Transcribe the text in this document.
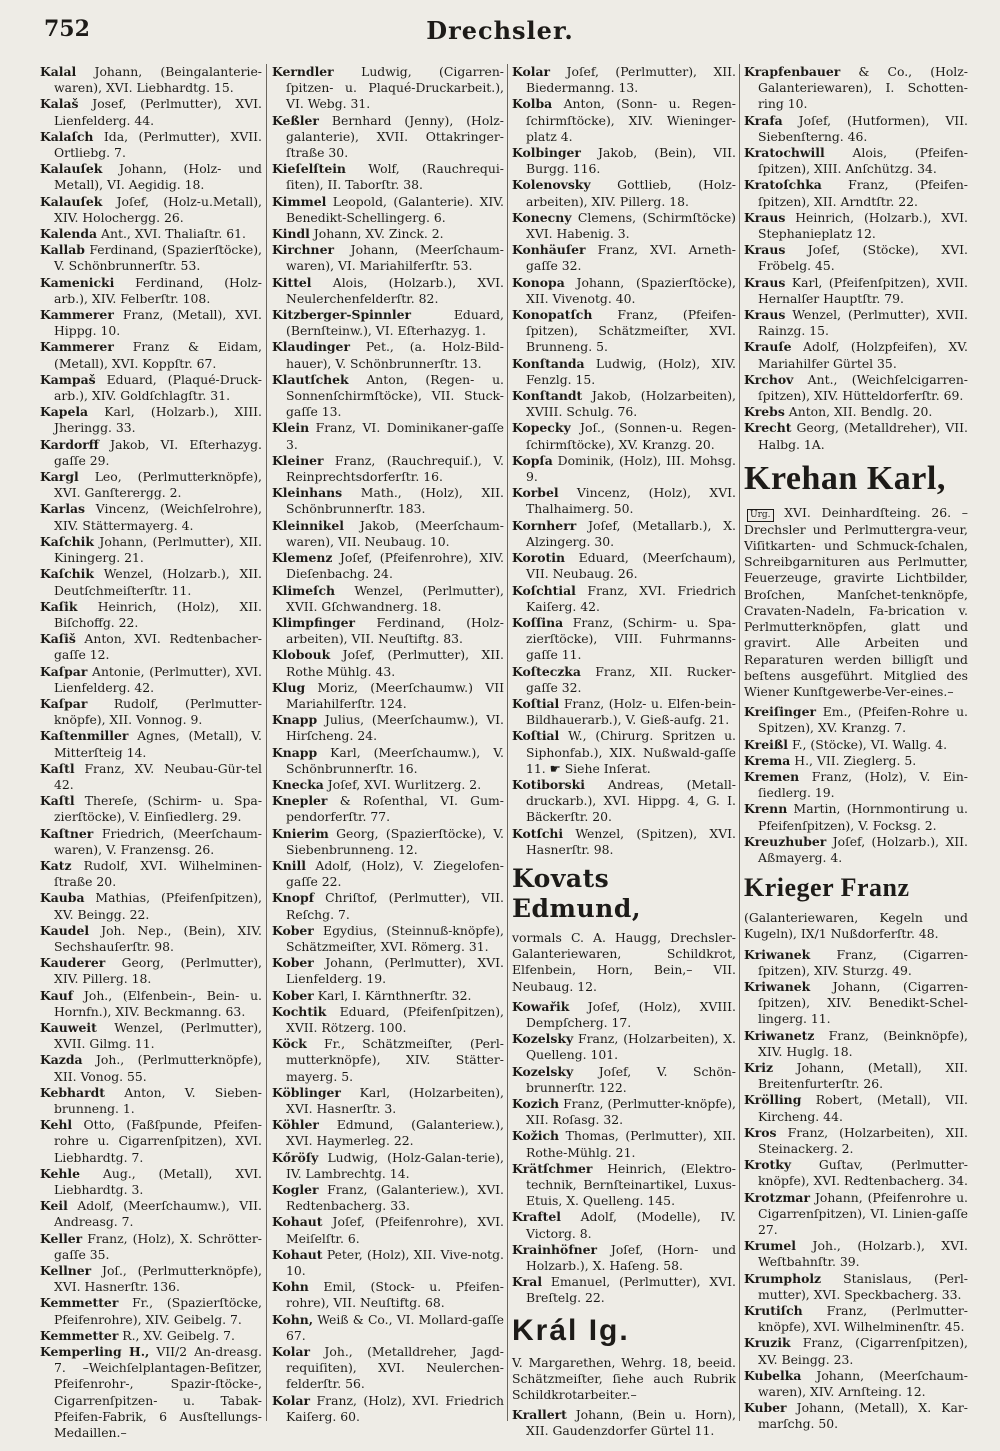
752	Drechsler.

Kalal Johann, (Beingalanterie-waren), XVI. Liebhardtg. 15.

Kalaš Josef, (Perlmutter), XVI. Lienfelderg. 44.

Kalaſch Ida, (Perlmutter), XVII. Ortliebg. 7.

Kalauſek Johann, (Holz- und Metall), VI. Aegidig. 18.

Kalauſek Joſef, (Holz-u.Metall), XIV. Holochergg. 26.

Kalenda Ant., XVI. Thaliaſtr. 61.

Kallab Ferdinand, (Spazierſtöcke), V. Schönbrunnerſtr. 53.

Kamenicki Ferdinand, (Holz-arb.), XIV. Felberſtr. 108.

Kammerer Franz, (Metall), XVI. Hippg. 10.

Kammerer Franz & Eidam, (Metall), XVI. Koppſtr. 67.

Kampaš Eduard, (Plaqué-Druck-arb.), XIV. Goldſchlagſtr. 31.

Kapela Karl, (Holzarb.), XIII. Jheringg. 33.

Kardorff Jakob, VI. Eſterhazyg. gaſſe 29.

Kargl Leo, (Perlmutterknöpfe), XVI. Ganſterergg. 2.

Karlas Vincenz, (Weichſelrohre), XIV. Stättermayerg. 4.

Kaſchik Johann, (Perlmutter), XII. Kiningerg. 21.

Kaſchik Wenzel, (Holzarb.), XII. Deutſchmeiſterſtr. 11.

Kaſik Heinrich, (Holz), XII. Biſchoffg. 22.

Kaſiš Anton, XVI. Redtenbacher-gaſſe 12.

Kaſpar Antonie, (Perlmutter), XVI. Lienfelderg. 42.

Kaſpar Rudolf, (Perlmutter-knöpfe), XII. Vonnog. 9.

Kaſtenmiller Agnes, (Metall), V. Mitterſteig 14.

Kaſtl Franz, XV. Neubau-Gür-tel 42.

Kaſtl Thereſe, (Schirm- u. Spa-zierſtöcke), V. Einſiedlerg. 29.

Kaſtner Friedrich, (Meerſchaum-waren), V. Franzensg. 26.

Katz Rudolf, XVI. Wilhelminen-ſtraße 20.

Kauba Mathias, (Pfeifenſpitzen), XV. Beingg. 22.

Kaudel Joh. Nep., (Bein), XIV. Sechshauſerſtr. 98.

Kauderer Georg, (Perlmutter), XIV. Pillerg. 18.

Kauf Joh., (Elfenbein-, Bein- u. Hornfn.), XIV. Beckmanng. 63.

Kauweit Wenzel, (Perlmutter), XVII. Gilmg. 11.

Kazda Joh., (Perlmutterknöpfe), XII. Vonog. 55.

Kebhardt Anton, V. Sieben-brunneng. 1.

Kehl Otto, (Faßſpunde, Pfeifen-rohre u. Cigarrenſpitzen), XVI. Liebhardtg. 7.

Kehle Aug., (Metall), XVI. Liebhardtg. 3.

Keil Adolf, (Meerſchaumw.), VII. Andreasg. 7.

Keller Franz, (Holz), X. Schrötter-gaſſe 35.

Kellner Joſ., (Perlmutterknöpfe), XVI. Hasnerſtr. 136.

Kemmetter Fr., (Spazierſtöcke, Pfeifenrohre), XIV. Geibelg. 7.

Kemmetter R., XV. Geibelg. 7.

Kemperling H., VII/2 An-dreasg. 7. –Weichſelplantagen-Beſitzer, Pfeifenrohr-, Spazir-ſtöcke-, Cigarrenſpitzen- u. Tabak-Pfeifen-Fabrik, 6 Ausſtellungs-Medaillen.–

Kerndler Ludwig, (Cigarren-ſpitzen- u. Plaqué-Druckarbeit.), VI. Webg. 31.

Keßler Bernhard (Jenny), (Holz-galanterie), XVII. Ottakringer-ſtraße 30.

Kieſelſtein Wolf, (Rauchrequi-ſiten), II. Taborſtr. 38.

Kimmel Leopold, (Galanterie). XIV. Benedikt-Schellingerg. 6.

Kindl Johann, XV. Zinck. 2.

Kirchner Johann, (Meerſchaum-waren), VI. Mariahilferſtr. 53.

Kittel Alois, (Holzarb.), XVI. Neulerchenfelderſtr. 82.

Kitzberger-Spinnler Eduard, (Bernſteinw.), VI. Eſterhazyg. 1.

Klaudinger Pet., (a. Holz-Bild-hauer), V. Schönbrunnerſtr. 13.

Klautſchek Anton, (Regen- u. Sonnenſchirmſtöcke), VII. Stuck-gaſſe 13.

Klein Franz, VI. Dominikaner-gaſſe 3.

Kleiner Franz, (Rauchrequiſ.), V. Reinprechtsdorferſtr. 16.

Kleinhans Math., (Holz), XII. Schönbrunnerſtr. 183.

Kleinnikel Jakob, (Meerſchaum-waren), VII. Neubaug. 10.

Klemenz Joſef, (Pfeifenrohre), XIV. Dieſenbachg. 24.

Klimeſch Wenzel, (Perlmutter), XVII. Gſchwandnerg. 18.

Klimpfinger Ferdinand, (Holz-arbeiten), VII. Neuſtiftg. 83.

Klobouk Joſef, (Perlmutter), XII. Rothe Mühlg. 43.

Klug Moriz, (Meerſchaumw.) VII Mariahilferſtr. 124.

Knapp Julius, (Meerſchaumw.), VI. Hirſcheng. 24.

Knapp Karl, (Meerſchaumw.), V. Schönbrunnerſtr. 16.

Knecka Joſef, XVI. Wurlitzerg. 2.

Knepler & Roſenthal, VI. Gum-pendorferſtr. 77.

Knierim Georg, (Spazierſtöcke), V. Siebenbrunneng. 12.

Knill Adolf, (Holz), V. Ziegelofen-gaſſe 22.

Knopf Chriſtof, (Perlmutter), VII. Reſchg. 7.

Kober Egydius, (Steinnuß-knöpfe), Schätzmeiſter, XVI. Römerg. 31.

Kober Johann, (Perlmutter), XVI. Lienfelderg. 19.

Kober Karl, I. Kärnthnerſtr. 32.

Kochtik Eduard, (Pfeifenſpitzen), XVII. Rötzerg. 100.

Köck Fr., Schätzmeiſter, (Perl-mutterknöpfe), XIV. Stätter-mayerg. 5.

Köblinger Karl, (Holzarbeiten), XVI. Hasnerſtr. 3.

Köhler Edmund, (Galanteriew.), XVI. Haymerleg. 22.

Kőröſy Ludwig, (Holz-Galan-terie), IV. Lambrechtg. 14.

Kogler Franz, (Galanteriew.), XVI. Redtenbacherg. 33.

Kohaut Joſef, (Pfeifenrohre), XVI. Meiſelſtr. 6.

Kohaut Peter, (Holz), XII. Vive-notg. 10.

Kohn Emil, (Stock- u. Pfeifen-rohre), VII. Neuſtiftg. 68.

Kohn, Weiß & Co., VI. Mollard-gaſſe 67.

Kolar Joh., (Metalldreher, Jagd-requiſiten), XVI. Neulerchen-felderſtr. 56.

Kolar Franz, (Holz), XVI. Friedrich Kaiſerg. 60.

Kolar Joſef, (Perlmutter), XII. Biedermanng. 13.

Kolba Anton, (Sonn- u. Regen-ſchirmſtöcke), XIV. Wieninger-platz 4.

Kolbinger Jakob, (Bein), VII. Burgg. 116.

Kolenovsky Gottlieb, (Holz-arbeiten), XIV. Pillerg. 18.

Konecny Clemens, (Schirmſtöcke) XVI. Habenig. 3.

Konhäuſer Franz, XVI. Arneth-gaſſe 32.

Konopa Johann, (Spazierſtöcke), XII. Vivenotg. 40.

Konopatſch Franz, (Pfeifen-ſpitzen), Schätzmeiſter, XVI. Brunneng. 5.

Konſtanda Ludwig, (Holz), XIV. Fenzlg. 15.

Konſtandt Jakob, (Holzarbeiten), XVIII. Schulg. 76.

Kopecky Joſ., (Sonnen-u. Regen-ſchirmſtöcke), XV. Kranzg. 20.

Kopſa Dominik, (Holz), III. Mohsg. 9.

Korbel Vincenz, (Holz), XVI. Thalhaimerg. 50.

Kornherr Joſef, (Metallarb.), X. Alzingerg. 30.

Korotin Eduard, (Meerſchaum), VII. Neubaug. 26.

Koſchtial Franz, XVI. Friedrich Kaiſerg. 42.

Koſſina Franz, (Schirm- u. Spa-zierſtöcke), VIII. Fuhrmanns-gaſſe 11.

Koſteczka Franz, XII. Rucker-gaſſe 32.

Koſtial Franz, (Holz- u. Elfen-bein-Bildhauerarb.), V. Gieß-aufg. 21.

Koſtial W., (Chirurg. Spritzen u. Siphonfab.), XIX. Nußwald-gaſſe 11. ☛ Siehe Inſerat.

Kotiborski Andreas, (Metall-druckarb.), XVI. Hippg. 4, G. I. Bäckerſtr. 20.

Kotſchi Wenzel, (Spitzen), XVI. Hasnerſtr. 98.

Kovats Edmund,
vormals C. A. Haugg, Drechsler-Galanteriewaren, Schildkrot, Elfenbein, Horn, Bein,– VII. Neubaug. 12.

Kowařik Joſef, (Holz), XVIII. Dempſcherg. 17.

Kozelsky Franz, (Holzarbeiten), X. Quelleng. 101.

Kozelsky Joſef, V. Schön-brunnerſtr. 122.

Kozich Franz, (Perlmutter-knöpfe), XII. Roſasg. 32.

Kožich Thomas, (Perlmutter), XII. Rothe-Mühlg. 21.

Krätſchmer Heinrich, (Elektro-technik, Bernſteinartikel, Luxus-Etuis, X. Quelleng. 145.

Kraftel Adolf, (Modelle), IV. Victorg. 8.

Krainhöfner Joſef, (Horn- und Holzarb.), X. Haſeng. 58.

Kral Emanuel, (Perlmutter), XVI. Breſtelg. 22.

Král Ig.
V. Margarethen, Wehrg. 18, beeid. Schätzmeiſter, ſiehe auch Rubrik Schildkrotarbeiter.–

Krallert Johann, (Bein u. Horn), XII. Gaudenzdorfer Gürtel 11.

Krapfenbauer & Co., (Holz-Galanteriewaren), I. Schotten-ring 10.

Krafa Joſef, (Hutformen), VII. Siebenſterng. 46.

Kratochwill Alois, (Pfeifen-ſpitzen), XIII. Anſchützg. 34.

Kratoſchka Franz, (Pfeifen-ſpitzen), XII. Arndtſtr. 22.

Kraus Heinrich, (Holzarb.), XVI. Stephanieplatz 12.

Kraus Joſef, (Stöcke), XVI. Fröbelg. 45.

Kraus Karl, (Pfeifenſpitzen), XVII. Hernalſer Hauptſtr. 79.

Kraus Wenzel, (Perlmutter), XVII. Rainzg. 15.

Krauſe Adolf, (Holzpfeifen), XV. Mariahilfer Gürtel 35.

Krchov Ant., (Weichſelcigarren-ſpitzen), XIV. Hütteldorferſtr. 69.

Krebs Anton, XII. Bendlg. 20.

Krecht Georg, (Metalldreher), VII. Halbg. 1A.

Krehan Karl,
Urg. XVI. Deinhardſteing. 26. –Drechsler und Perlmuttergra-veur, Viſitkarten- und Schmuck-ſchalen, Schreibgarnituren aus Perlmutter, Feuerzeuge, gravirte Lichtbilder, Broſchen, Manſchet-tenknöpfe, Cravaten-Nadeln, Fa-brication v. Perlmutterknöpfen, glatt und gravirt. Alle Arbeiten und Reparaturen werden billigſt und beſtens ausgeführt. Mitglied des Wiener Kunſtgewerbe-Ver-eines.–

Kreiſinger Em., (Pfeifen-Rohre u. Spitzen), XV. Kranzg. 7.

Kreißl F., (Stöcke), VI. Wallg. 4.

Krema H., VII. Zieglerg. 5.

Kremen Franz, (Holz), V. Ein-ſiedlerg. 19.

Krenn Martin, (Hornmontirung u. Pfeifenſpitzen), V. Focksg. 2.

Kreuzhuber Joſef, (Holzarb.), XII. Aßmayerg. 4.

Krieger Franz
(Galanteriewaren, Kegeln und Kugeln), IX/1 Nußdorferſtr. 48.

Kriwanek Franz, (Cigarren-ſpitzen), XIV. Sturzg. 49.

Kriwanek Johann, (Cigarren-ſpitzen), XIV. Benedikt-Schel-lingerg. 11.

Kriwanetz Franz, (Beinknöpfe), XIV. Huglg. 18.

Kriz Johann, (Metall), XII. Breitenfurterſtr. 26.

Krölling Robert, (Metall), VII. Kircheng. 44.

Kros Franz, (Holzarbeiten), XII. Steinackerg. 2.

Krotky Guſtav, (Perlmutter-knöpfe), XVI. Redtenbacherg. 34.

Krotzmar Johann, (Pfeifenrohre u. Cigarrenſpitzen), VI. Linien-gaſſe 27.

Krumel Joh., (Holzarb.), XVI. Weſtbahnſtr. 39.

Krumpholz Stanislaus, (Perl-mutter), XVI. Speckbacherg. 33.

Krutiſch Franz, (Perlmutter-knöpfe), XVI. Wilhelminenſtr. 45.

Kruzik Franz, (Cigarrenſpitzen), XV. Beingg. 23.

Kubelka Johann, (Meerſchaum-waren), XIV. Arnſteing. 12.

Kuber Johann, (Metall), X. Kar-marſchg. 50.
